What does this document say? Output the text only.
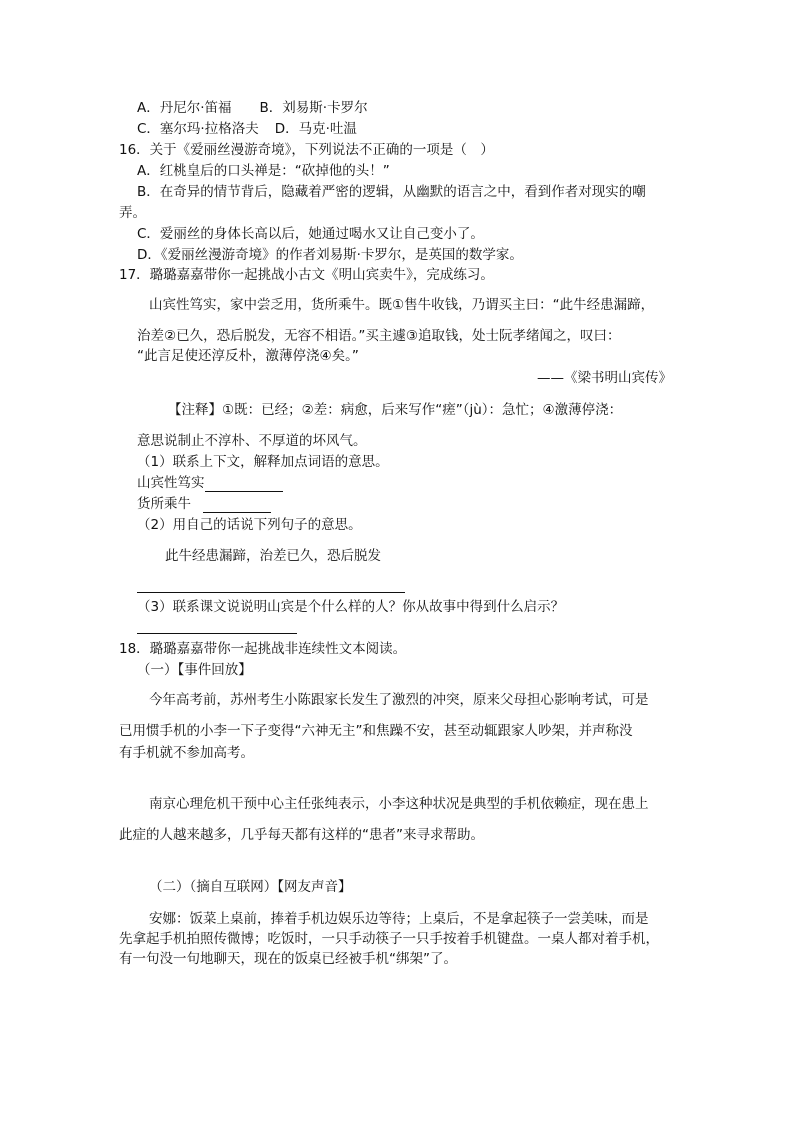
A．丹尼尔·笛福 B．刘易斯·卡罗尔
C．塞尔玛·拉格洛夫 D．马克·吐温
16．关于《爱丽丝漫游奇境》，下列说法不正确的一项是（　）
A．红桃皇后的口头禅是：“砍掉他的头！”
B．在奇异的情节背后，隐藏着严密的逻辑，从幽默的语言之中，看到作者对现实的嘲
弄。
C．爱丽丝的身体长高以后，她通过喝水又让自己变小了。
D．《爱丽丝漫游奇境》的作者刘易斯·卡罗尔，是英国的数学家。
17．璐璐嘉嘉带你一起挑战小古文《明山宾卖牛》，完成练习。
山宾性笃实，家中尝乏用，货所乘牛。既①售牛收钱，乃谓买主曰：“此牛经患漏蹄，
治差②已久，恐后脱发，无容不相语。”买主遽③追取钱，处士阮孝绪闻之，叹曰：
“此言足使还淳反朴，激薄停浇④矣。”
——《梁书明山宾传》
【注释】①既：已经；②差：病愈，后来写作“瘥”（jù）：急忙；④激薄停浇：
意思说制止不淳朴、不厚道的坏风气。
（1）联系上下文，解释加点词语的意思。
山宾性笃实
货所乘牛
（2）用自己的话说下列句子的意思。
此牛经患漏蹄，治差已久，恐后脱发
（3）联系课文说说明山宾是个什么样的人？你从故事中得到什么启示？
18．璐璐嘉嘉带你一起挑战非连续性文本阅读。
（一）【事件回放】
今年高考前，苏州考生小陈跟家长发生了激烈的冲突，原来父母担心影响考试，可是
已用惯手机的小李一下子变得“六神无主”和焦躁不安，甚至动辄跟家人吵架，并声称没
有手机就不参加高考。
南京心理危机干预中心主任张纯表示，小李这种状况是典型的手机依赖症，现在患上
此症的人越来越多，几乎每天都有这样的“患者”来寻求帮助。
（二）（摘自互联网）【网友声音】
安娜：饭菜上桌前，捧着手机边娱乐边等待；上桌后，不是拿起筷子一尝美味，而是
先拿起手机拍照传微博；吃饭时，一只手动筷子一只手按着手机键盘。一桌人都对着手机，
有一句没一句地聊天，现在的饭桌已经被手机“绑架”了。
